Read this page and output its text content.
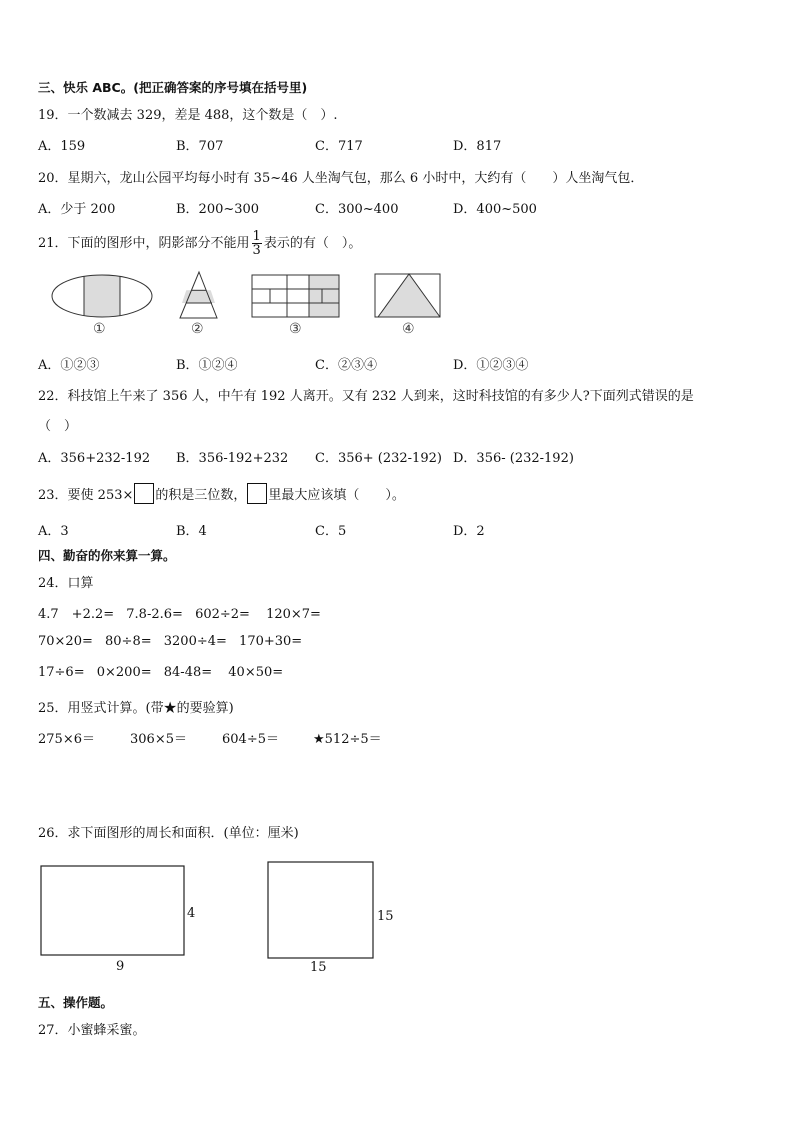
三、快乐 ABC。(把正确答案的序号填在括号里)
19．一个数减去 329，差是 488，这个数是（　）.
A．159	B．707	C．717	D．817
20．星期六，龙山公园平均每小时有 35~46 人坐淘气包，那么 6 小时中，大约有（　　）人坐淘气包．
A．少于 200	B．200~300	C．300~400	D．400~500
21．下面的图形中，阴影部分不能用 $\frac{1}{3}$ 表示的有（　）。
①	②	③	④
A．①②③	B．①②④	C．②③④	D．①②③④
22．科技馆上午来了 356 人，中午有 192 人离开。又有 232 人到来，这时科技馆的有多少人?下面列式错误的是
（　）
A．356+232-192 B．356-192+232 C．356+ (232-192) D．356- (232-192)
23．要使 253× 的积是三位数， 里最大应该填（　　）。
A．3	B．4	C．5	D．2
四、勤奋的你来算一算。
24．口算
4.7　+2.2= 7.8-2.6= 602÷2= 120×7=
70×20= 80÷8= 3200÷4= 170+30=
17÷6= 0×200= 84-48= 40×50=
25．用竖式计算。(带★的要验算)
275×6＝	306×5＝	604÷5＝	★512÷5＝
26．求下面图形的周长和面积．(单位：厘米)
4
9
15
15
五、操作题。
27．小蜜蜂采蜜。
